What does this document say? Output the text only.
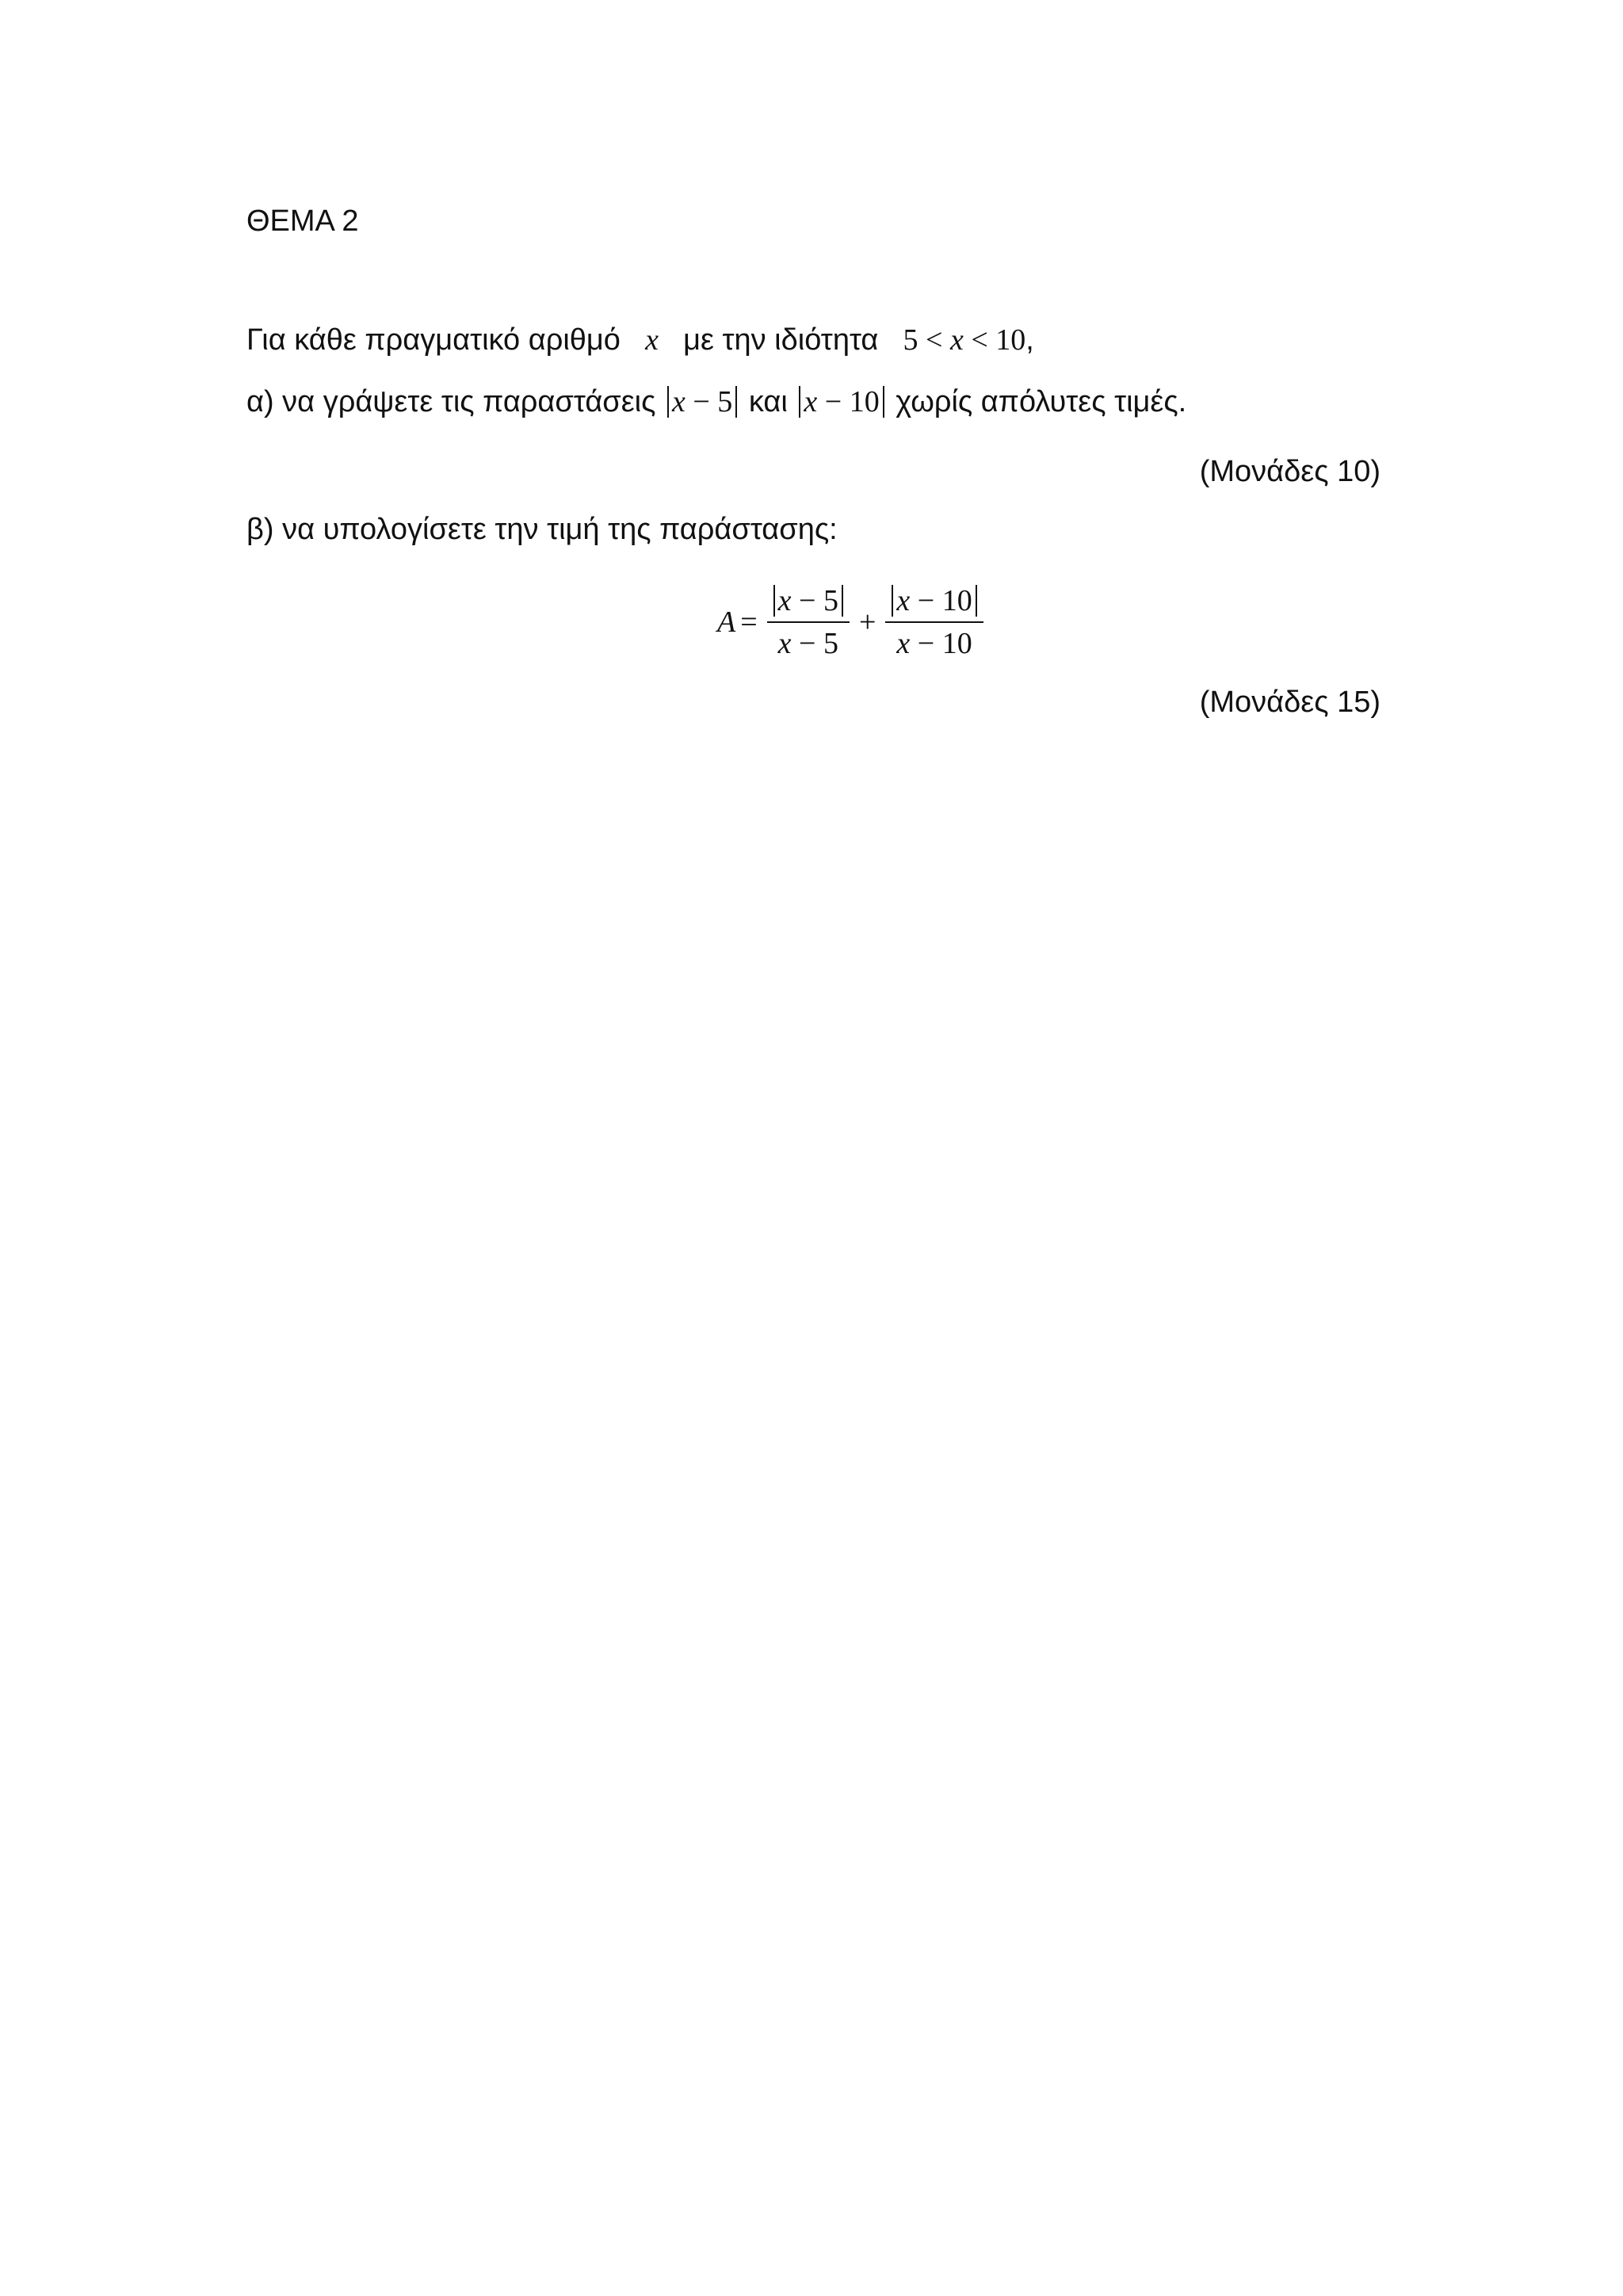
ΘΕΜΑ 2
Για κάθε πραγματικό αριθμό x με την ιδιότητα 5 < x < 10,
α) να γράψετε τις παραστάσεις x − 5 και x − 10 χωρίς απόλυτες τιμές.
(Μονάδες 10)
β) να υπολογίσετε την τιμή της παράστασης:
$A = \frac{x - 5}{x - 5} + \frac{x - 10}{x - 10}$
(Μονάδες 15)
